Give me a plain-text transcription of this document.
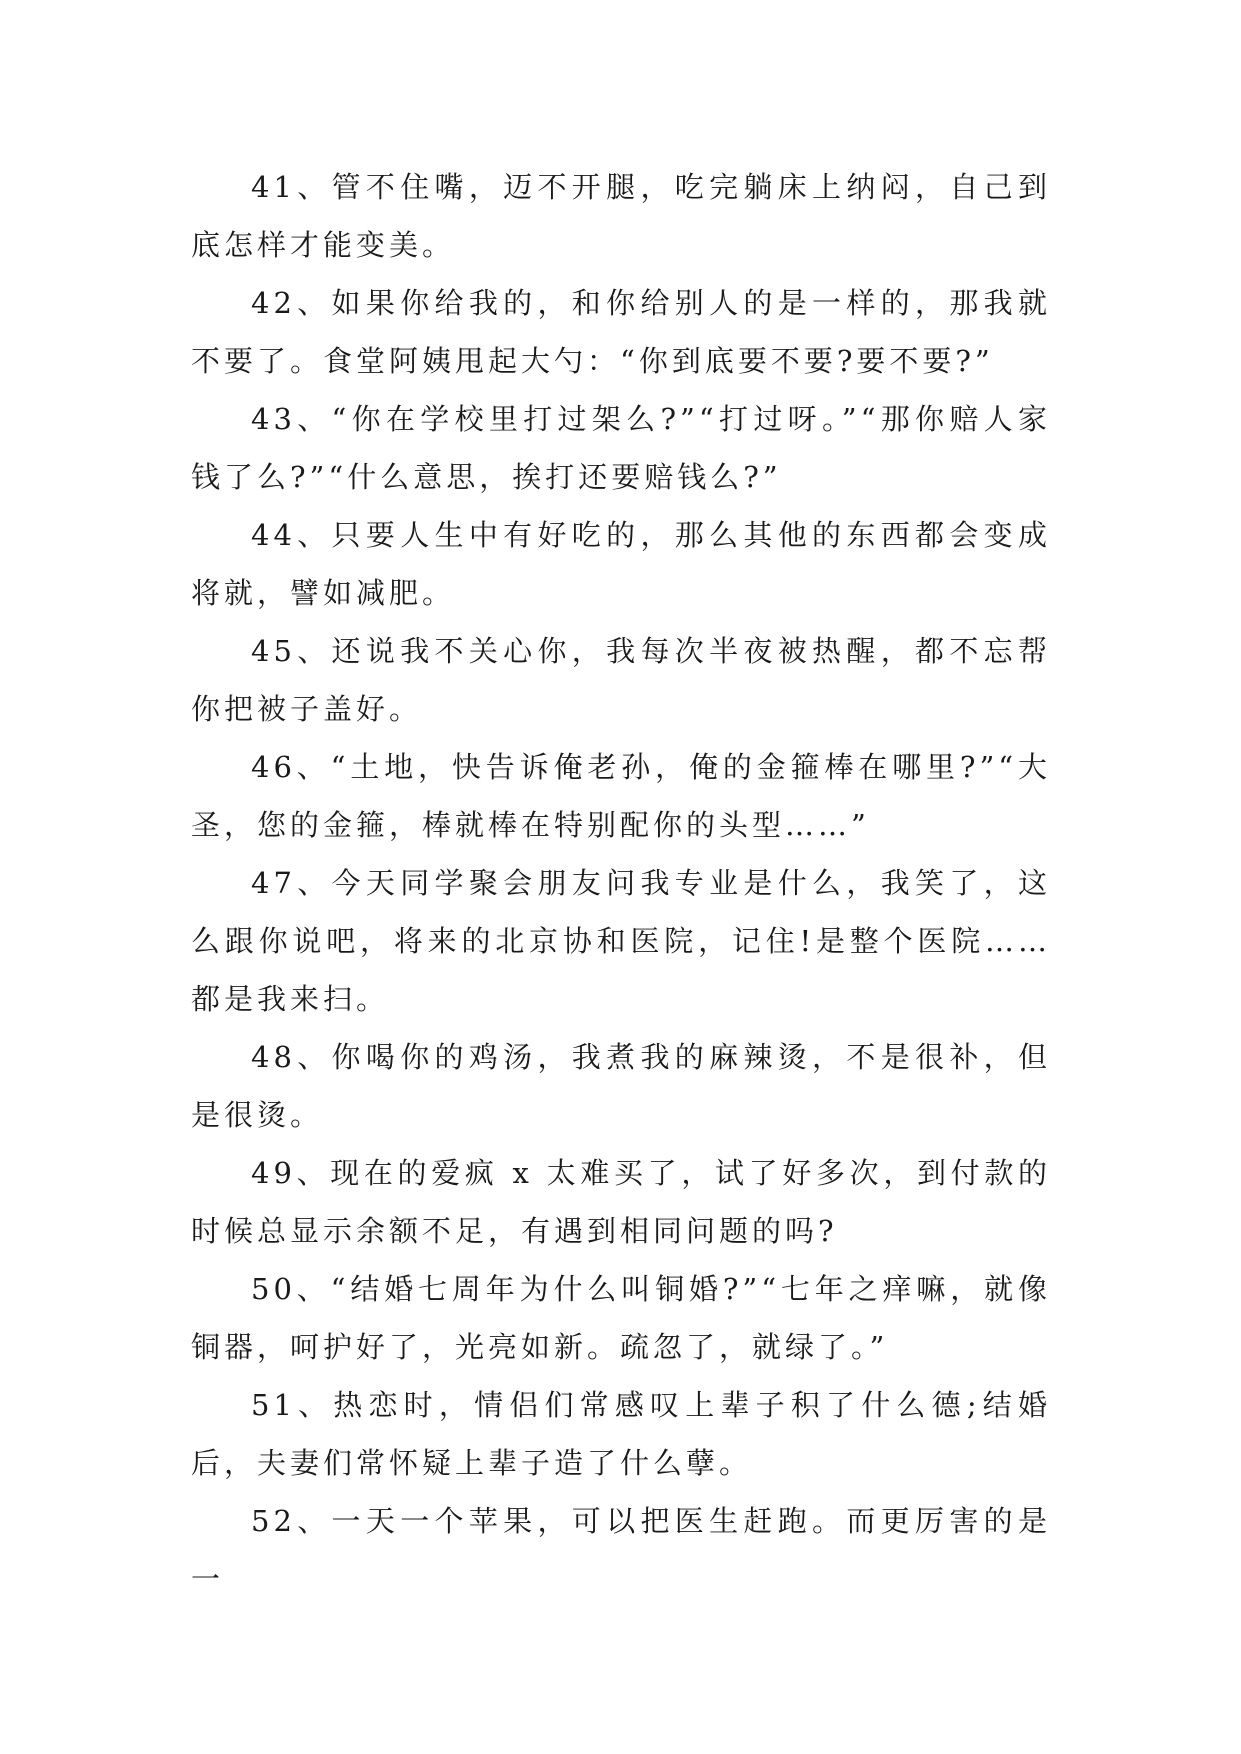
41、管不住嘴，迈不开腿，吃完躺床上纳闷，自己到底怎样才能变美。

42、如果你给我的，和你给别人的是一样的，那我就不要了。食堂阿姨甩起大勺：“你到底要不要?要不要?”

43、“你在学校里打过架么?”“打过呀。”“那你赔人家钱了么?”“什么意思，挨打还要赔钱么?”

44、只要人生中有好吃的，那么其他的东西都会变成将就，譬如减肥。

45、还说我不关心你，我每次半夜被热醒，都不忘帮你把被子盖好。

46、“土地，快告诉俺老孙，俺的金箍棒在哪里?”“大圣，您的金箍，棒就棒在特别配你的头型……”

47、今天同学聚会朋友问我专业是什么，我笑了，这么跟你说吧，将来的北京协和医院，记住!是整个医院……都是我来扫。

48、你喝你的鸡汤，我煮我的麻辣烫，不是很补，但是很烫。

49、现在的爱疯 x 太难买了，试了好多次，到付款的时候总显示余额不足，有遇到相同问题的吗?

50、“结婚七周年为什么叫铜婚?”“七年之痒嘛，就像铜器，呵护好了，光亮如新。疏忽了，就绿了。”

51、热恋时，情侣们常感叹上辈子积了什么德;结婚后，夫妻们常怀疑上辈子造了什么孽。

52、一天一个苹果，可以把医生赶跑。而更厉害的是一
